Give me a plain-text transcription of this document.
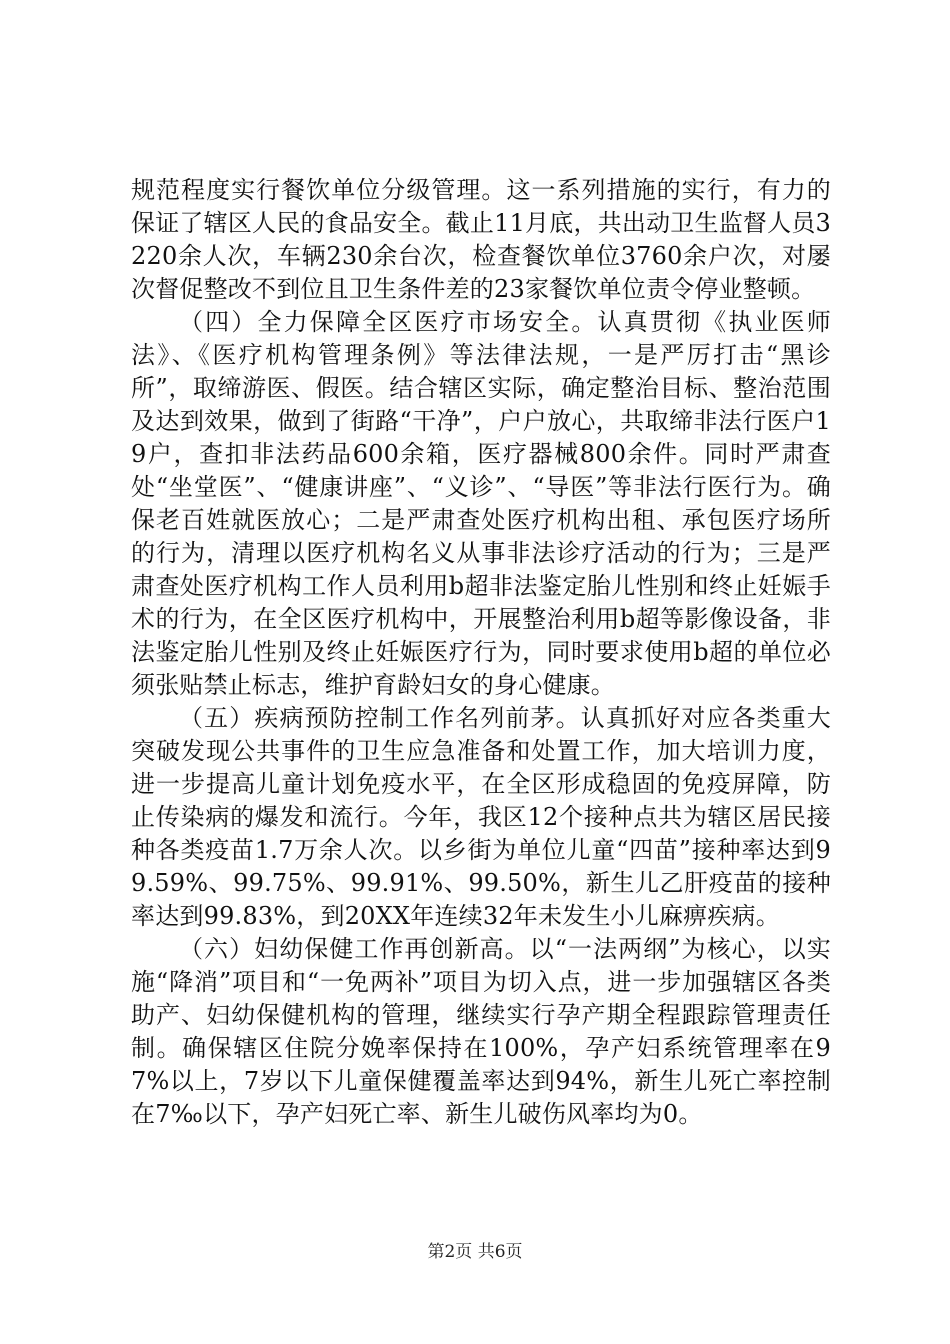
规范程度实行餐饮单位分级管理。这一系列措施的实行，有力的保证了辖区人民的食品安全。截止11月底，共出动卫生监督人员3220余人次，车辆230余台次，检查餐饮单位3760余户次，对屡次督促整改不到位且卫生条件差的23家餐饮单位责令停业整顿。

（四）全力保障全区医疗市场安全。认真贯彻《执业医师法》、《医疗机构管理条例》等法律法规，一是严厉打击“黑诊所”，取缔游医、假医。结合辖区实际，确定整治目标、整治范围及达到效果，做到了街路“干净”，户户放心，共取缔非法行医户19户，查扣非法药品600余箱，医疗器械800余件。同时严肃查处“坐堂医”、“健康讲座”、“义诊”、“导医”等非法行医行为。确保老百姓就医放心；二是严肃查处医疗机构出租、承包医疗场所的行为，清理以医疗机构名义从事非法诊疗活动的行为；三是严肃查处医疗机构工作人员利用b超非法鉴定胎儿性别和终止妊娠手术的行为，在全区医疗机构中，开展整治利用b超等影像设备，非法鉴定胎儿性别及终止妊娠医疗行为，同时要求使用b超的单位必须张贴禁止标志，维护育龄妇女的身心健康。

（五）疾病预防控制工作名列前茅。认真抓好对应各类重大突破发现公共事件的卫生应急准备和处置工作，加大培训力度，进一步提高儿童计划免疫水平，在全区形成稳固的免疫屏障，防止传染病的爆发和流行。今年，我区12个接种点共为辖区居民接种各类疫苗1.7万余人次。以乡街为单位儿童“四苗”接种率达到99.59%、99.75%、99.91%、99.50%，新生儿乙肝疫苗的接种率达到99.83%，到20XX年连续32年未发生小儿麻痹疾病。

（六）妇幼保健工作再创新高。以“一法两纲”为核心，以实施“降消”项目和“一免两补”项目为切入点，进一步加强辖区各类助产、妇幼保健机构的管理，继续实行孕产期全程跟踪管理责任制。确保辖区住院分娩率保持在100%，孕产妇系统管理率在97%以上，7岁以下儿童保健覆盖率达到94%，新生儿死亡率控制在7‰以下，孕产妇死亡率、新生儿破伤风率均为0。

第2页 共6页
